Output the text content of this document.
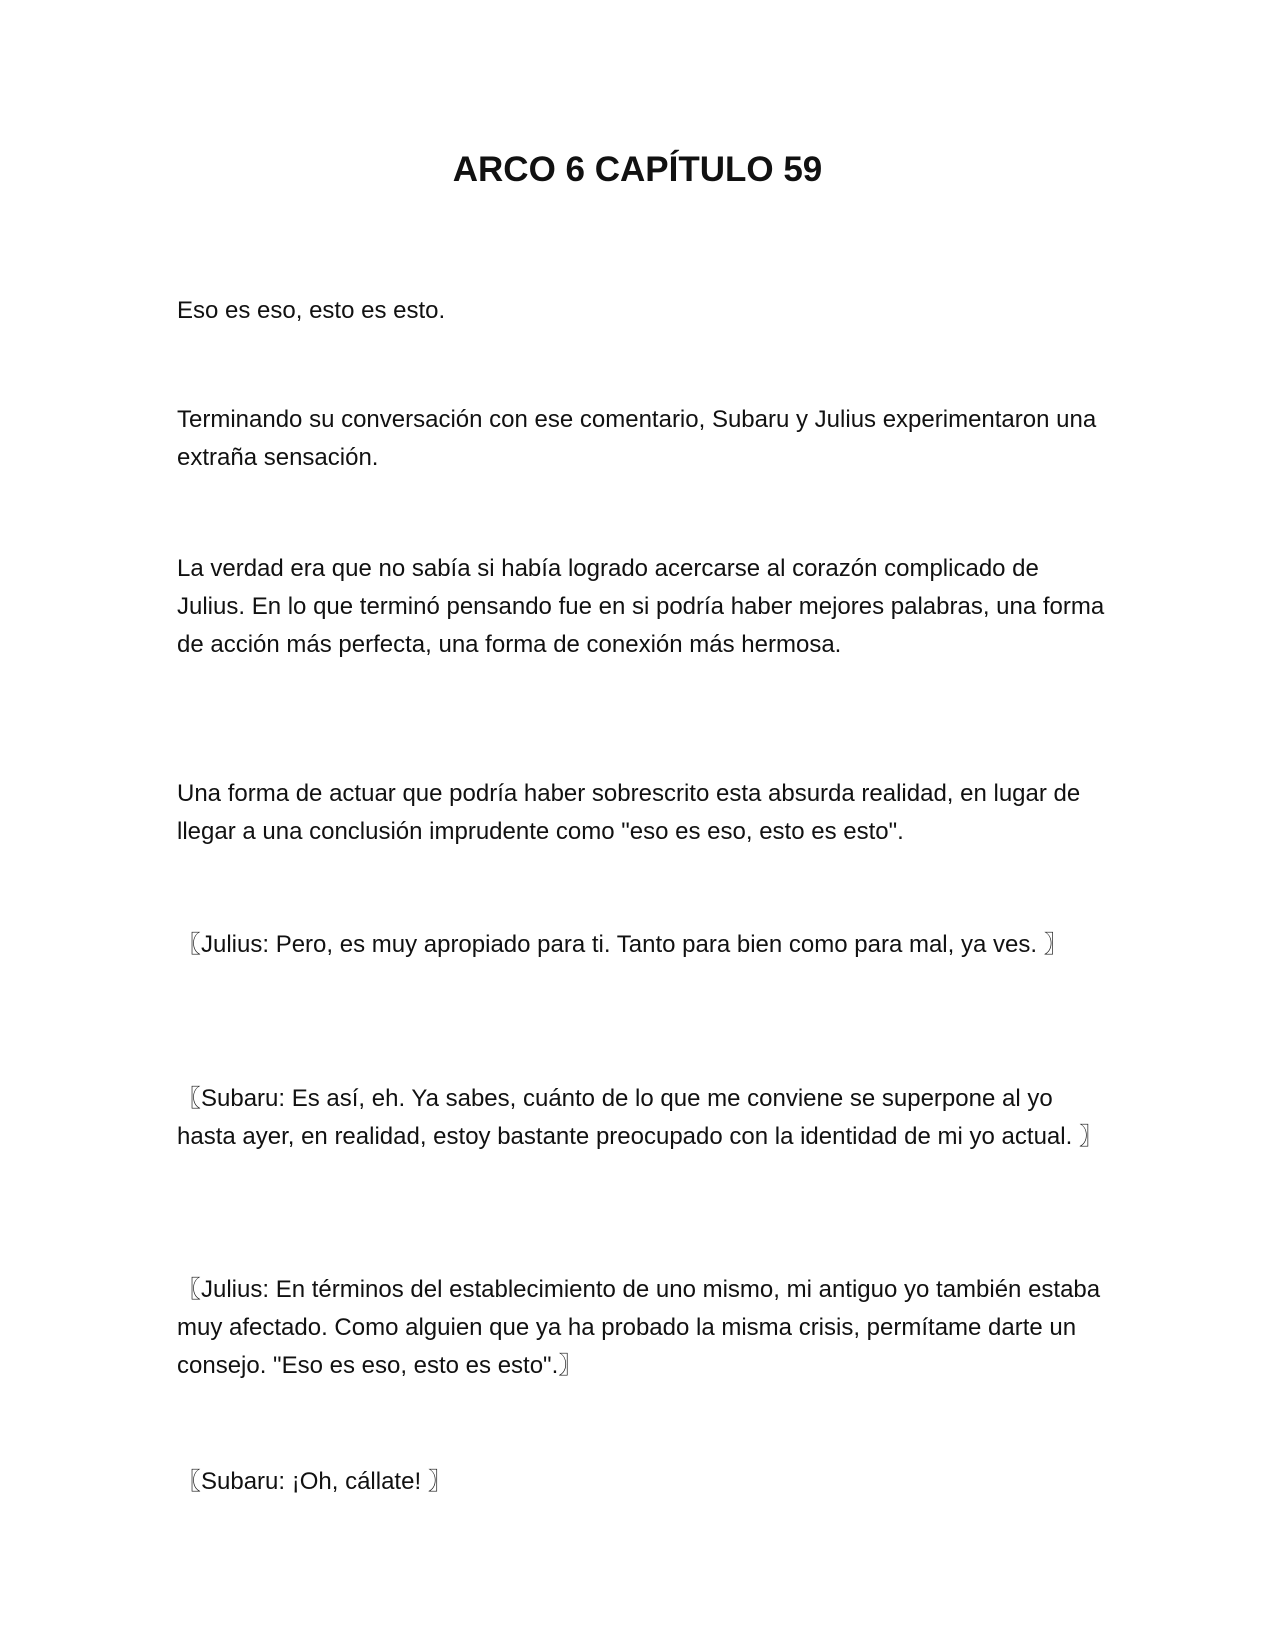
ARCO 6 CAPÍTULO 59

Eso es eso, esto es esto.

Terminando su conversación con ese comentario, Subaru y Julius experimentaron una extraña sensación.

La verdad era que no sabía si había logrado acercarse al corazón complicado de Julius. En lo que terminó pensando fue en si podría haber mejores palabras, una forma de acción más perfecta, una forma de conexión más hermosa.

Una forma de actuar que podría haber sobrescrito esta absurda realidad, en lugar de llegar a una conclusión imprudente como "eso es eso, esto es esto".

〖Julius: Pero, es muy apropiado para ti. Tanto para bien como para mal, ya ves. 〗

〖Subaru: Es así, eh. Ya sabes, cuánto de lo que me conviene se superpone al yo hasta ayer, en realidad, estoy bastante preocupado con la identidad de mi yo actual. 〗

〖Julius: En términos del establecimiento de uno mismo, mi antiguo yo también estaba muy afectado. Como alguien que ya ha probado la misma crisis, permítame darte un consejo. "Eso es eso, esto es esto".〗

〖Subaru: ¡Oh, cállate! 〗
